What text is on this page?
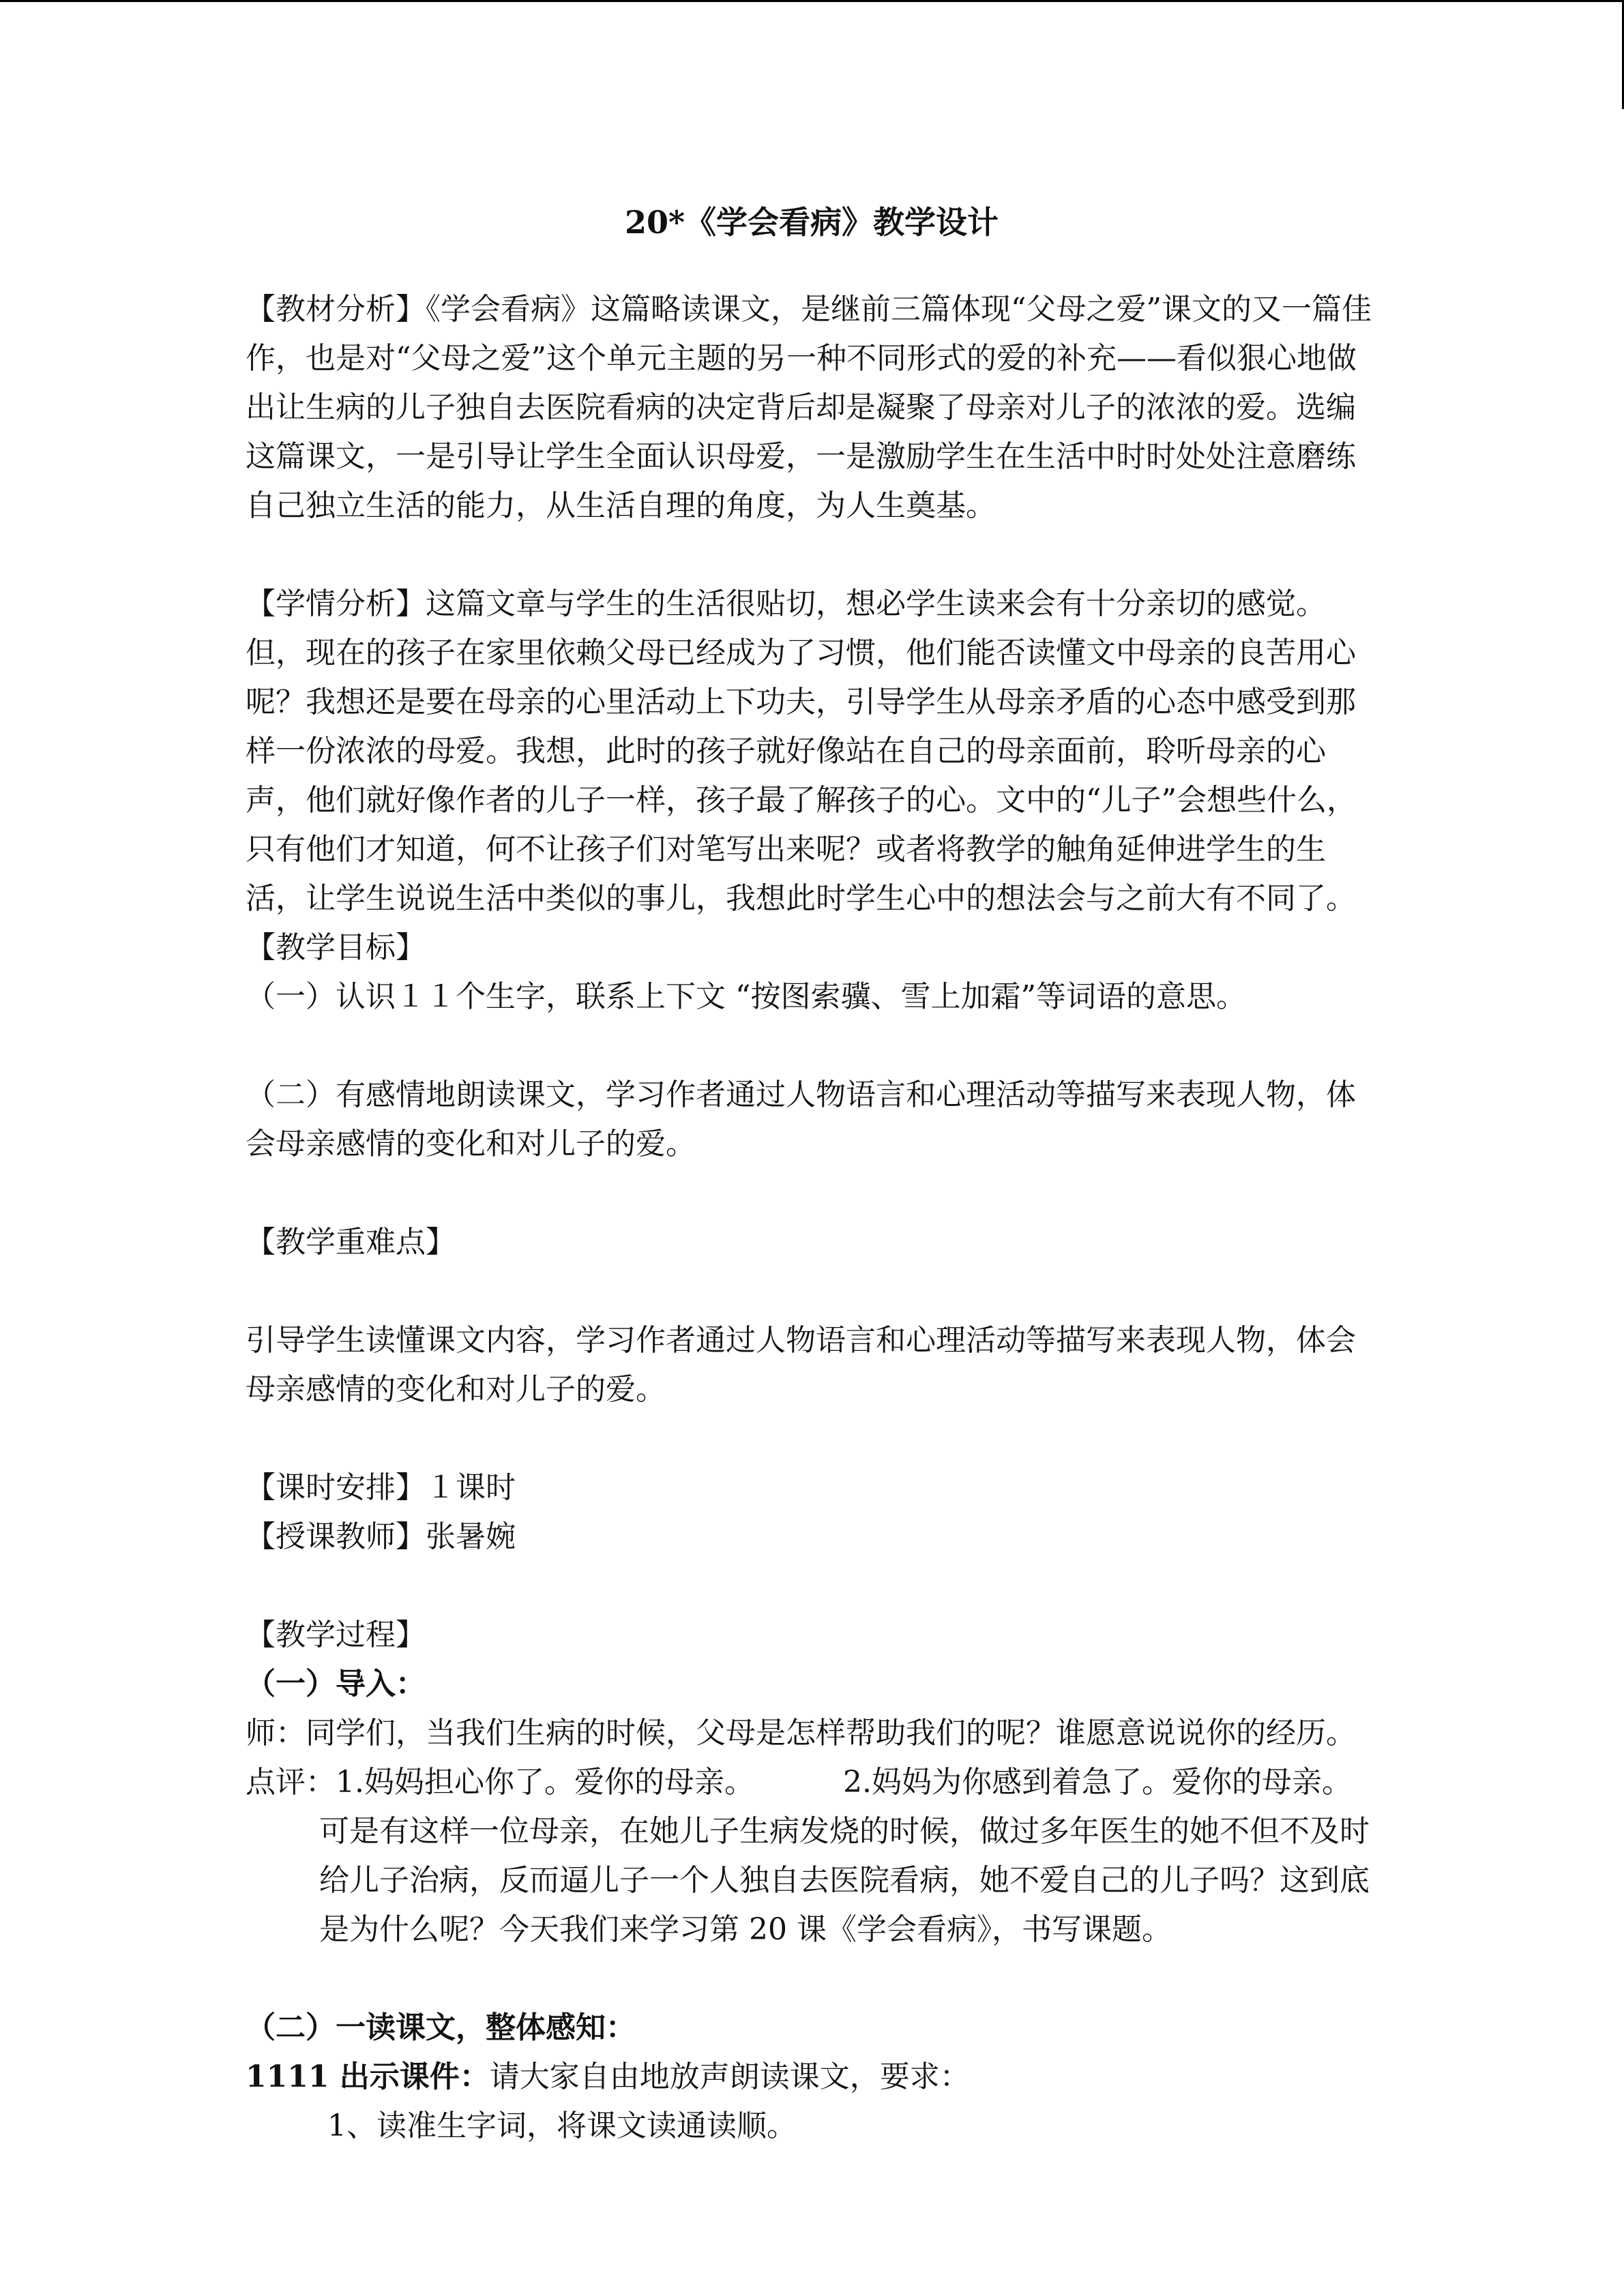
20*《学会看病》教学设计

【教材分析】《学会看病》这篇略读课文，是继前三篇体现“父母之爱”课文的又一篇佳作，也是对“父母之爱”这个单元主题的另一种不同形式的爱的补充——看似狠心地做出让生病的儿子独自去医院看病的决定背后却是凝聚了母亲对儿子的浓浓的爱。选编这篇课文，一是引导让学生全面认识母爱，一是激励学生在生活中时时处处注意磨练自己独立生活的能力，从生活自理的角度，为人生奠基。

【学情分析】这篇文章与学生的生活很贴切，想必学生读来会有十分亲切的感觉。但，现在的孩子在家里依赖父母已经成为了习惯，他们能否读懂文中母亲的良苦用心呢？我想还是要在母亲的心里活动上下功夫，引导学生从母亲矛盾的心态中感受到那样一份浓浓的母爱。我想，此时的孩子就好像站在自己的母亲面前，聆听母亲的心声，他们就好像作者的儿子一样，孩子最了解孩子的心。文中的“儿子”会想些什么，只有他们才知道，何不让孩子们对笔写出来呢？或者将教学的触角延伸进学生的生活，让学生说说生活中类似的事儿，我想此时学生心中的想法会与之前大有不同了。

【教学目标】

（一）认识１１个生字，联系上下文 “按图索骥、雪上加霜”等词语的意思。

（二）有感情地朗读课文，学习作者通过人物语言和心理活动等描写来表现人物，体会母亲感情的变化和对儿子的爱。

【教学重难点】

引导学生读懂课文内容，学习作者通过人物语言和心理活动等描写来表现人物，体会母亲感情的变化和对儿子的爱。

【课时安排】１课时

【授课教师】张暑婉

【教学过程】

（一）导入：

师：同学们，当我们生病的时候，父母是怎样帮助我们的呢？谁愿意说说你的经历。

点评：1.妈妈担心你了。爱你的母亲。	2.妈妈为你感到着急了。爱你的母亲。

可是有这样一位母亲，在她儿子生病发烧的时候，做过多年医生的她不但不及时给儿子治病，反而逼儿子一个人独自去医院看病，她不爱自己的儿子吗？这到底是为什么呢？今天我们来学习第 20 课《学会看病》，书写课题。

（二）一读课文，整体感知：

1111 出示课件：请大家自由地放声朗读课文，要求：

1、读准生字词，将课文读通读顺。
